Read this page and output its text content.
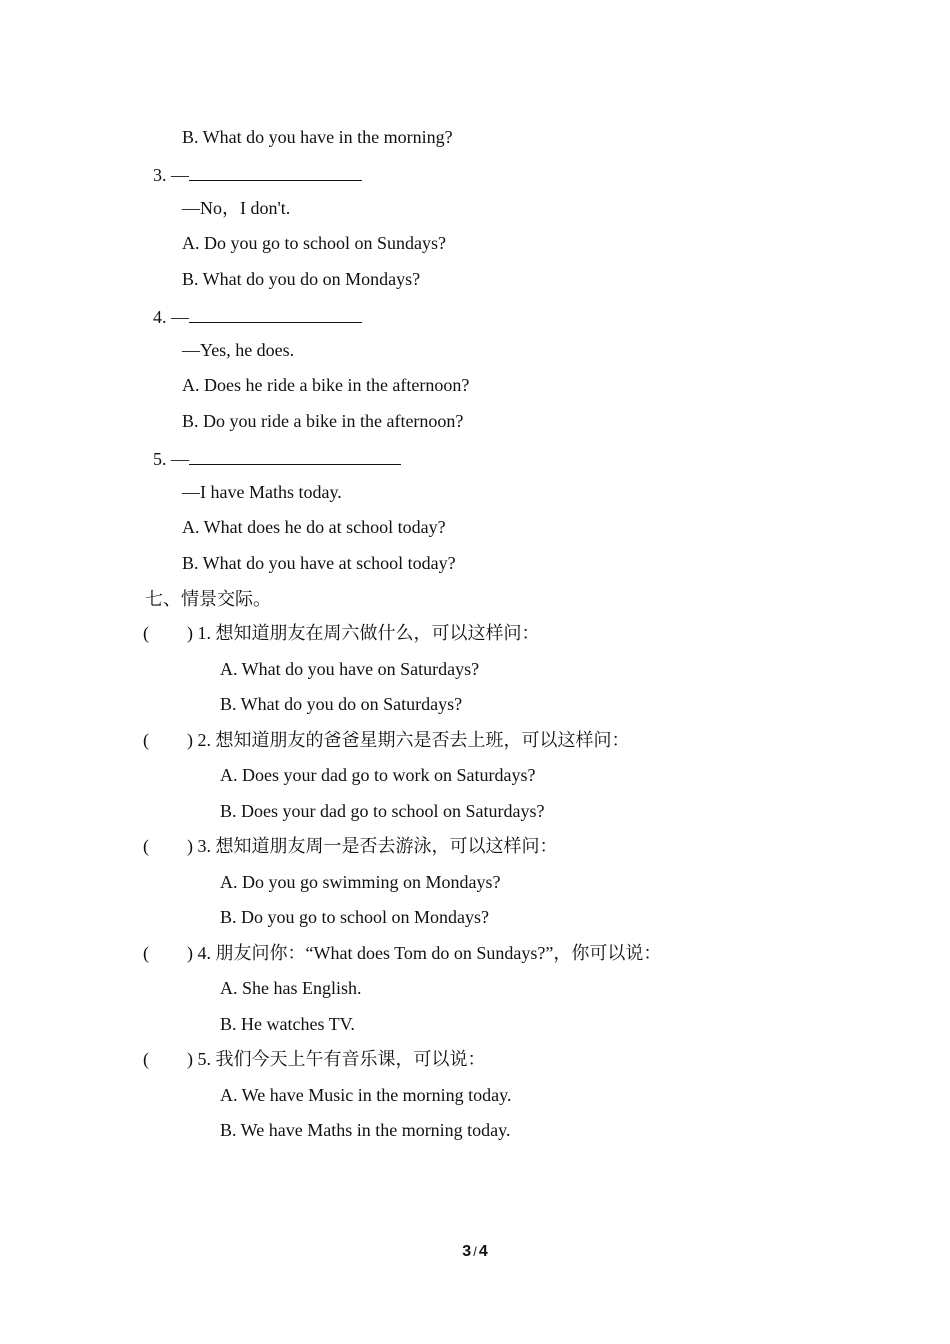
B. What do you have in the morning?
3. —
—No，I don't.
A. Do you go to school on Sundays?
B. What do you do on Mondays?
4. —
—Yes, he does.
A. Does he ride a bike in the afternoon?
B. Do you ride a bike in the afternoon?
5. —
—I have Maths today.
A. What does he do at school today?
B. What do you have at school today?
七、情景交际。
( ) 1. 想知道朋友在周六做什么，可以这样问：
A. What do you have on Saturdays?
B. What do you do on Saturdays?
( ) 2. 想知道朋友的爸爸星期六是否去上班，可以这样问：
A. Does your dad go to work on Saturdays?
B. Does your dad go to school on Saturdays?
( ) 3. 想知道朋友周一是否去游泳，可以这样问：
A. Do you go swimming on Mondays?
B. Do you go to school on Mondays?
( ) 4. 朋友问你：“What does Tom do on Sundays?”，你可以说：
A. She has English.
B. He watches TV.
( ) 5. 我们今天上午有音乐课，可以说：
A. We have Music in the morning today.
B. We have Maths in the morning today.
3 / 4
